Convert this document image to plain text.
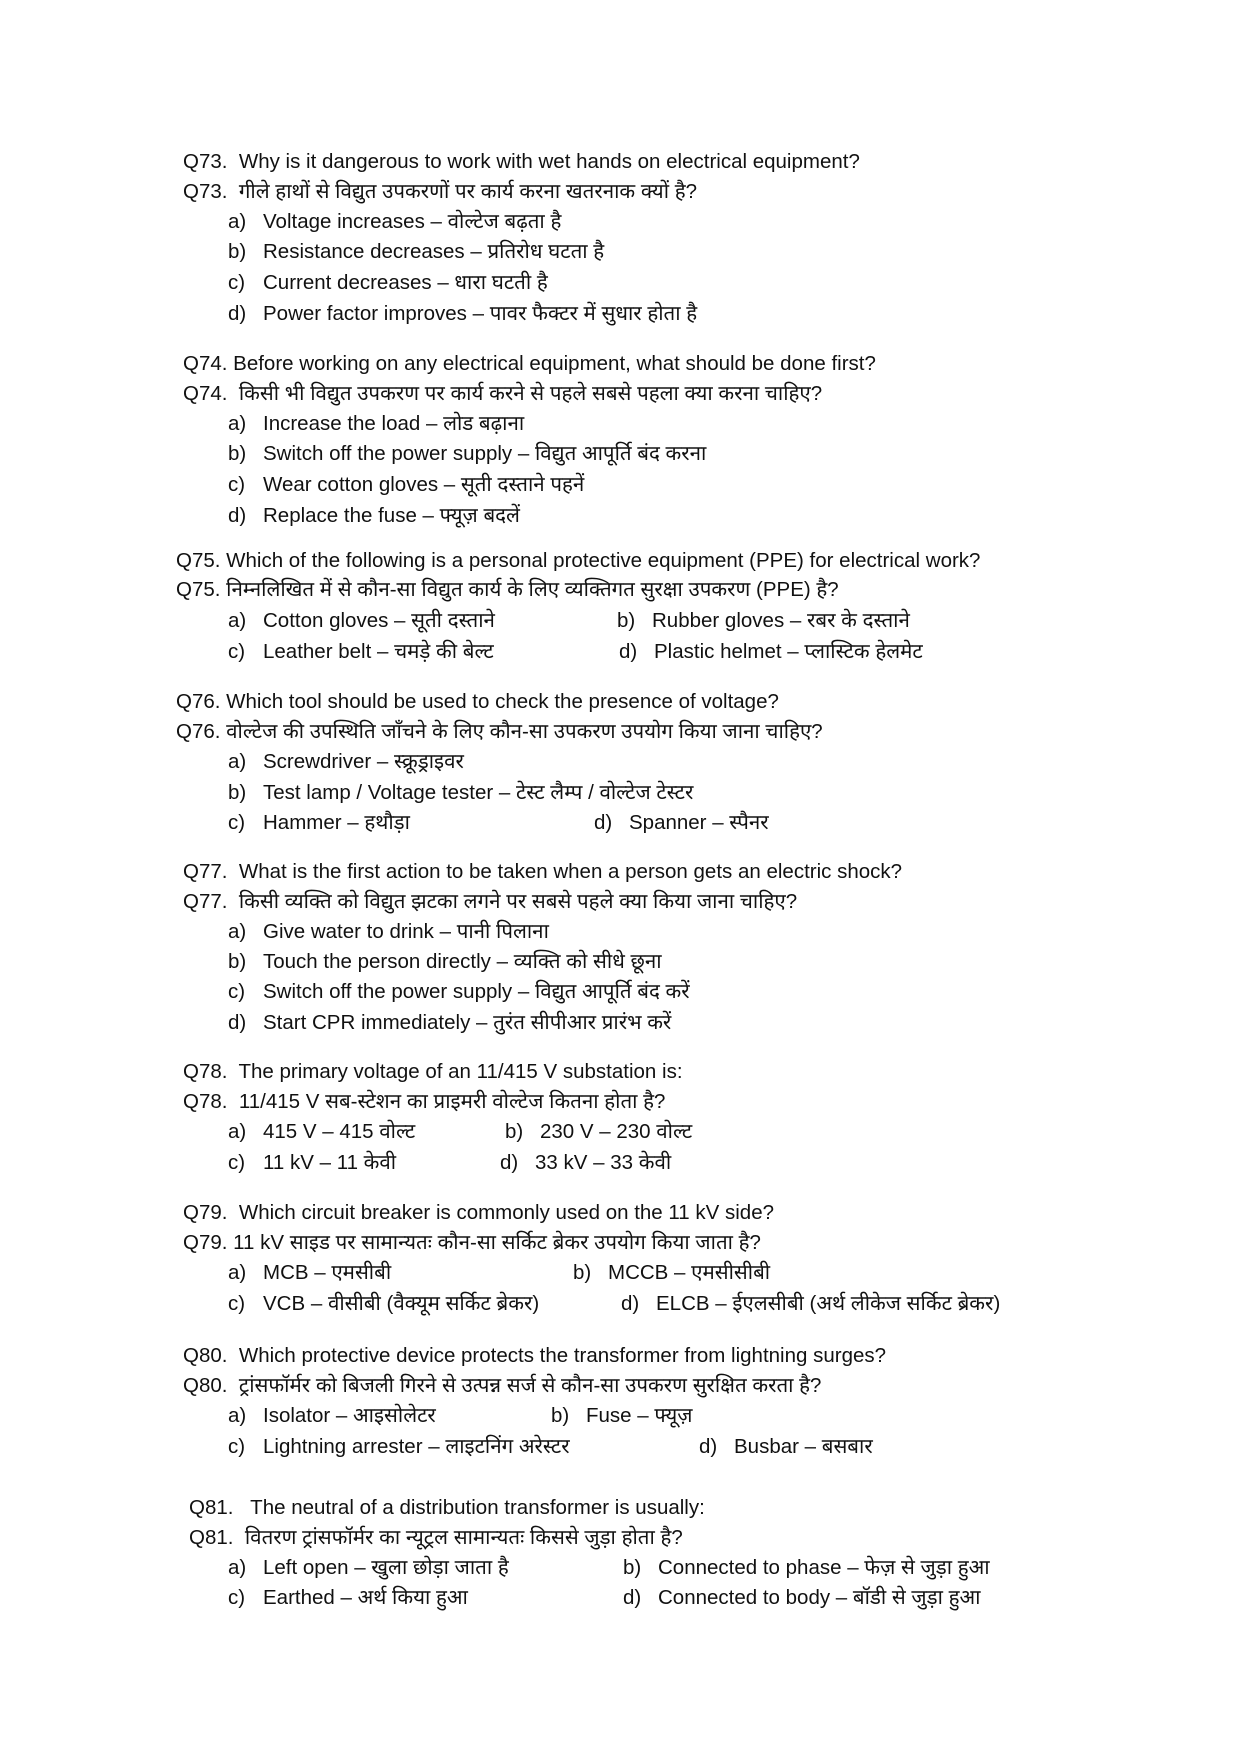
Q73. Why is it dangerous to work with wet hands on electrical equipment?
Q73. गीले हाथों से विद्युत उपकरणों पर कार्य करना खतरनाक क्यों है?
a) Voltage increases – वोल्टेज बढ़ता है
b) Resistance decreases – प्रतिरोध घटता है
c) Current decreases – धारा घटती है
d) Power factor improves – पावर फैक्टर में सुधार होता है
Q74. Before working on any electrical equipment, what should be done first?
Q74. किसी भी विद्युत उपकरण पर कार्य करने से पहले सबसे पहला क्या करना चाहिए?
a) Increase the load – लोड बढ़ाना
b) Switch off the power supply – विद्युत आपूर्ति बंद करना
c) Wear cotton gloves – सूती दस्ताने पहनें
d) Replace the fuse – फ्यूज़ बदलें
Q75. Which of the following is a personal protective equipment (PPE) for electrical work?
Q75. निम्नलिखित में से कौन-सा विद्युत कार्य के लिए व्यक्तिगत सुरक्षा उपकरण (PPE) है?
a) Cotton gloves – सूती दस्ताने	b) Rubber gloves – रबर के दस्ताने
c) Leather belt – चमड़े की बेल्ट	d) Plastic helmet – प्लास्टिक हेलमेट
Q76. Which tool should be used to check the presence of voltage?
Q76. वोल्टेज की उपस्थिति जाँचने के लिए कौन-सा उपकरण उपयोग किया जाना चाहिए?
a) Screwdriver – स्क्रूड्राइवर
b) Test lamp / Voltage tester – टेस्ट लैम्प / वोल्टेज टेस्टर
c) Hammer – हथौड़ा	d) Spanner – स्पैनर
Q77. What is the first action to be taken when a person gets an electric shock?
Q77. किसी व्यक्ति को विद्युत झटका लगने पर सबसे पहले क्या किया जाना चाहिए?
a) Give water to drink – पानी पिलाना
b) Touch the person directly – व्यक्ति को सीधे छूना
c) Switch off the power supply – विद्युत आपूर्ति बंद करें
d) Start CPR immediately – तुरंत सीपीआर प्रारंभ करें
Q78. The primary voltage of an 11/415 V substation is:
Q78. 11/415 V सब-स्टेशन का प्राइमरी वोल्टेज कितना होता है?
a) 415 V – 415 वोल्ट	b) 230 V – 230 वोल्ट
c) 11 kV – 11 केवी	d) 33 kV – 33 केवी
Q79. Which circuit breaker is commonly used on the 11 kV side?
Q79. 11 kV साइड पर सामान्यतः कौन-सा सर्किट ब्रेकर उपयोग किया जाता है?
a) MCB – एमसीबी	b) MCCB – एमसीसीबी
c) VCB – वीसीबी (वैक्यूम सर्किट ब्रेकर)	d) ELCB – ईएलसीबी (अर्थ लीकेज सर्किट ब्रेकर)
Q80. Which protective device protects the transformer from lightning surges?
Q80. ट्रांसफॉर्मर को बिजली गिरने से उत्पन्न सर्ज से कौन-सा उपकरण सुरक्षित करता है?
a) Isolator – आइसोलेटर	b) Fuse – फ्यूज़
c) Lightning arrester – लाइटनिंग अरेस्टर	d) Busbar – बसबार
Q81. The neutral of a distribution transformer is usually:
Q81. वितरण ट्रांसफॉर्मर का न्यूट्रल सामान्यतः किससे जुड़ा होता है?
a) Left open – खुला छोड़ा जाता है	b) Connected to phase – फेज़ से जुड़ा हुआ
c) Earthed – अर्थ किया हुआ	d) Connected to body – बॉडी से जुड़ा हुआ
